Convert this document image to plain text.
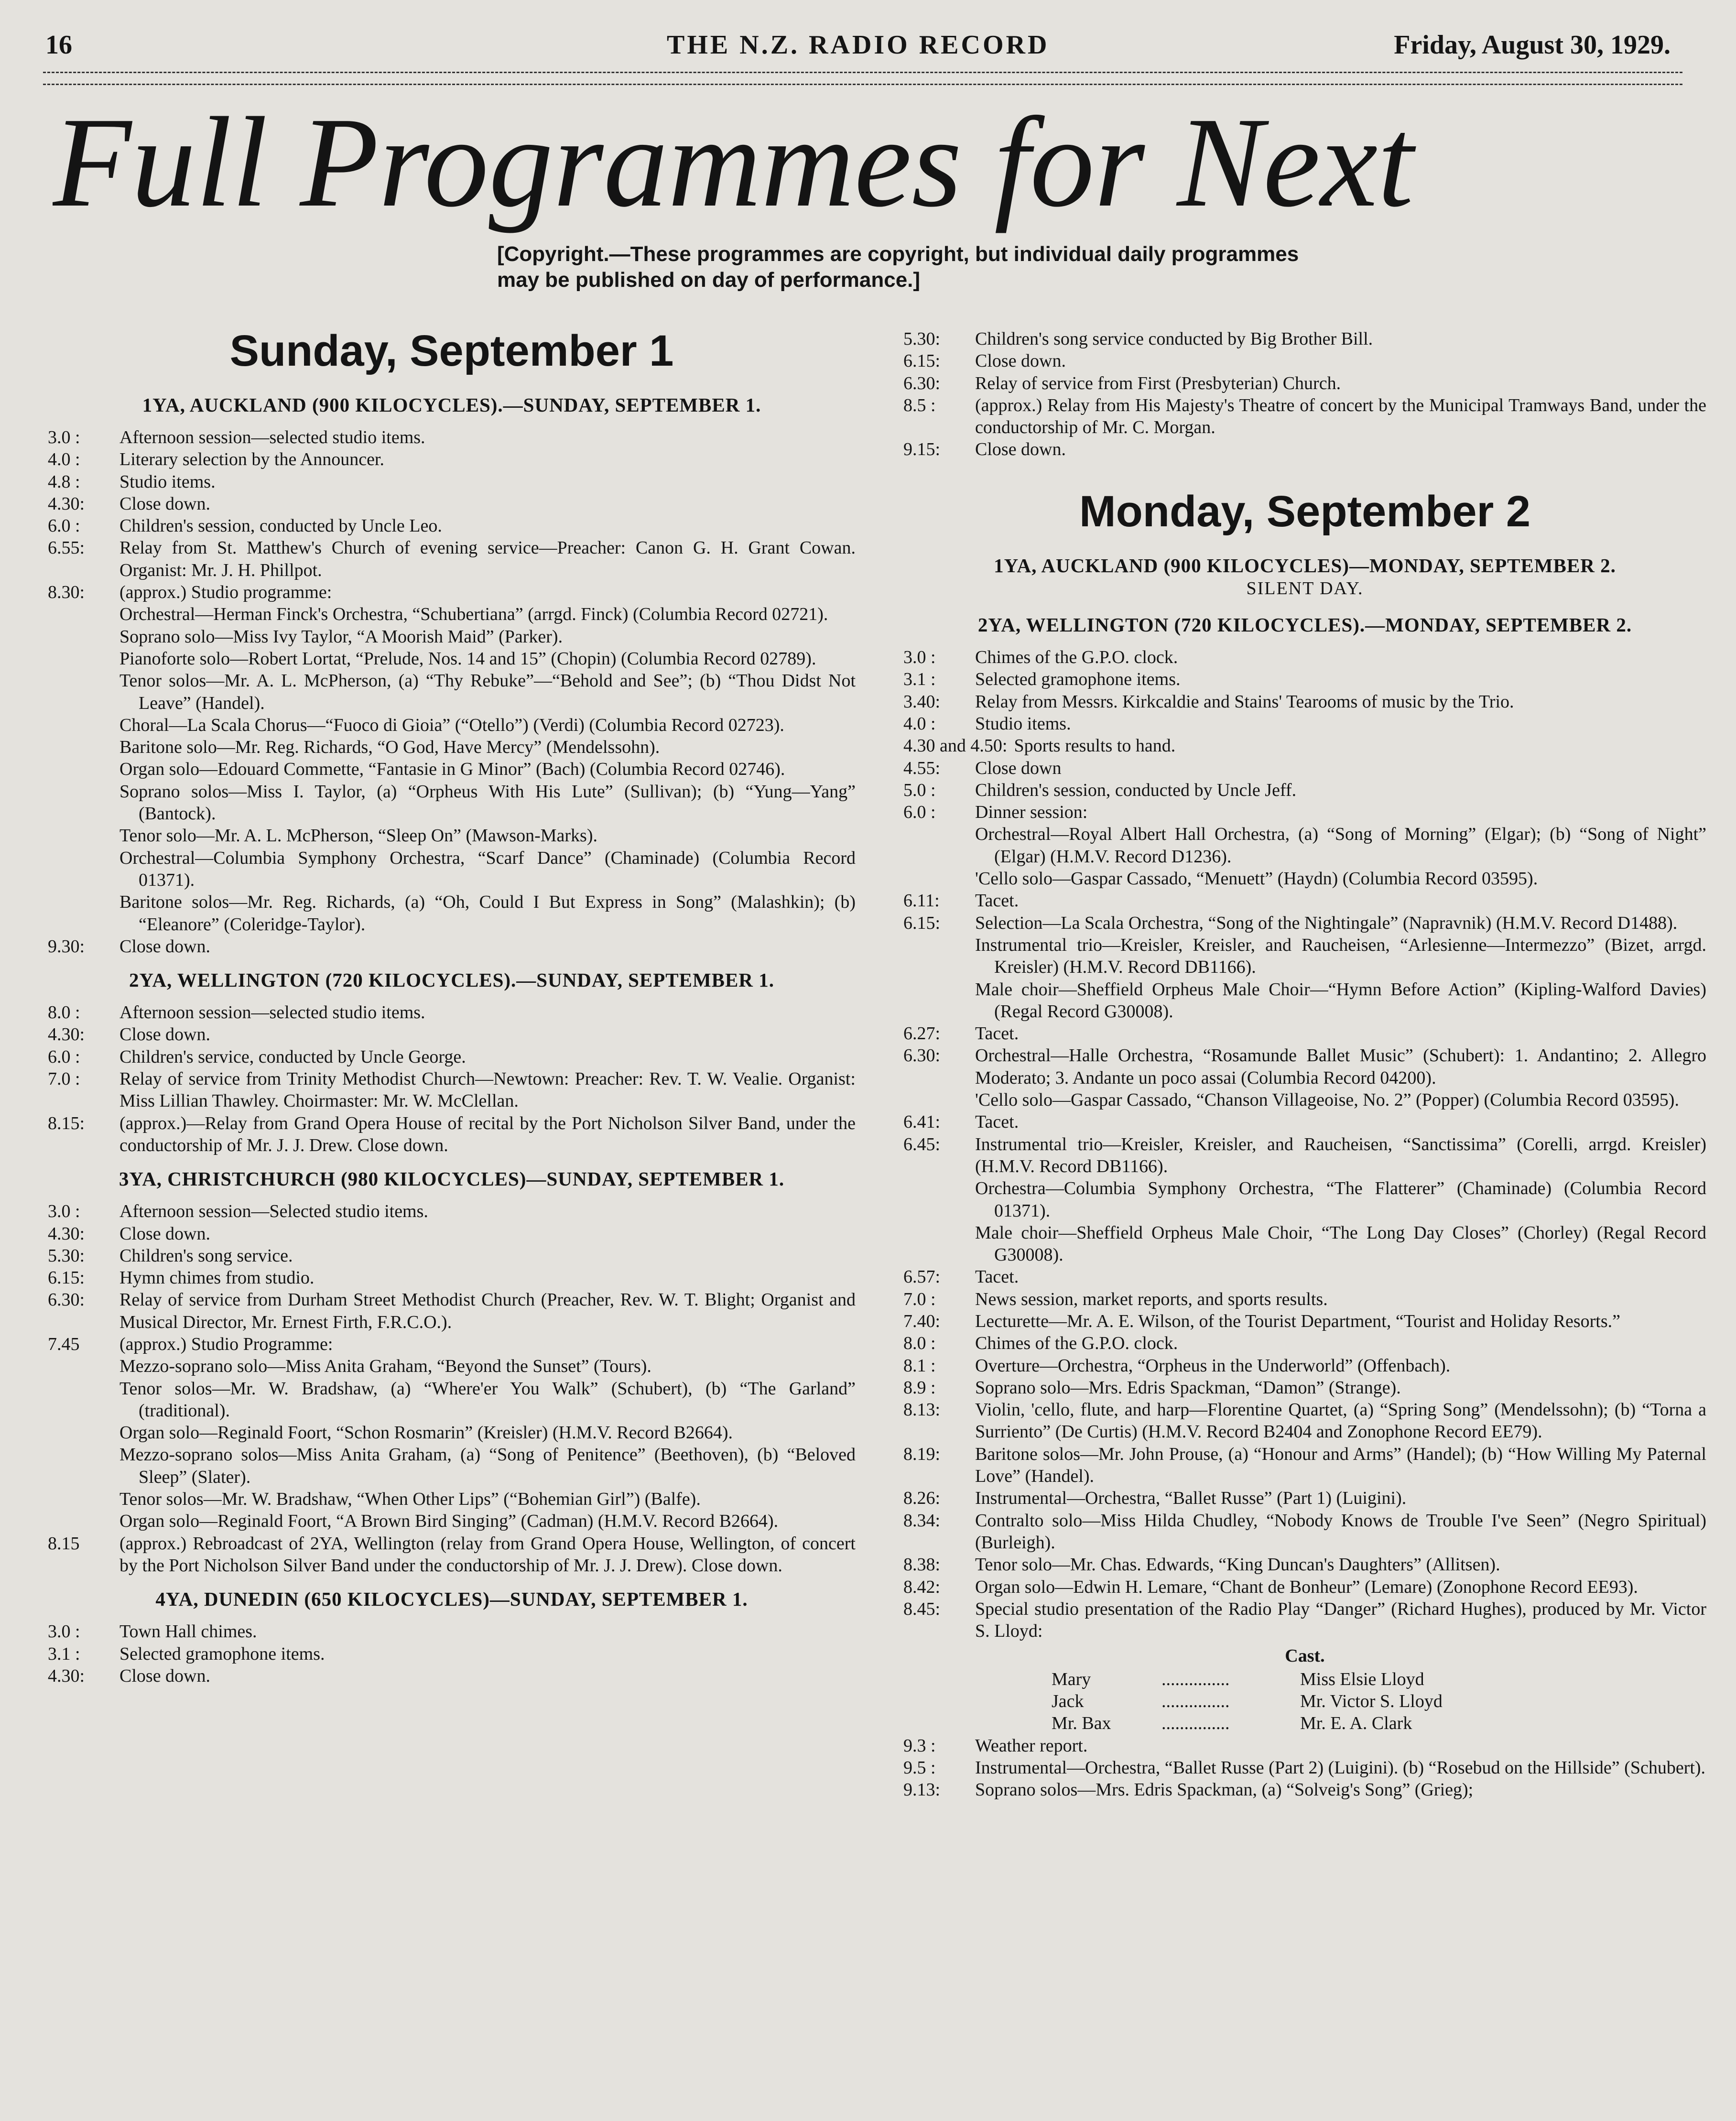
16	THE N.Z. RADIO RECORD	Friday, August 30, 1929.
Full Programmes for Next
[Copyright.—These programmes are copyright, but individual daily programmes may be published on day of performance.]
Sunday, September 1
1YA, AUCKLAND (900 KILOCYCLES).—SUNDAY, SEPTEMBER 1.
3.0 :	Afternoon session—selected studio items.
4.0 :	Literary selection by the Announcer.
4.8 :	Studio items.
4.30:	Close down.
6.0 :	Children's session, conducted by Uncle Leo.
6.55:	Relay from St. Matthew's Church of evening service—Preacher: Canon G. H. Grant Cowan. Organist: Mr. J. H. Phillpot.
8.30:	(approx.) Studio programme:
Orchestral—Herman Finck's Orchestra, “Schubertiana” (arrgd. Finck) (Columbia Record 02721).
Soprano solo—Miss Ivy Taylor, “A Moorish Maid” (Parker).
Pianoforte solo—Robert Lortat, “Prelude, Nos. 14 and 15” (Chopin) (Columbia Record 02789).
Tenor solos—Mr. A. L. McPherson, (a) “Thy Rebuke”—“Behold and See”; (b) “Thou Didst Not Leave” (Handel).
Choral—La Scala Chorus—“Fuoco di Gioia” (“Otello”) (Verdi) (Columbia Record 02723).
Baritone solo—Mr. Reg. Richards, “O God, Have Mercy” (Mendelssohn).
Organ solo—Edouard Commette, “Fantasie in G Minor” (Bach) (Columbia Record 02746).
Soprano solos—Miss I. Taylor, (a) “Orpheus With His Lute” (Sullivan); (b) “Yung—Yang” (Bantock).
Tenor solo—Mr. A. L. McPherson, “Sleep On” (Mawson-Marks).
Orchestral—Columbia Symphony Orchestra, “Scarf Dance” (Chaminade) (Columbia Record 01371).
Baritone solos—Mr. Reg. Richards, (a) “Oh, Could I But Express in Song” (Malashkin); (b) “Eleanore” (Coleridge-Taylor).
9.30:	Close down.
2YA, WELLINGTON (720 KILOCYCLES).—SUNDAY, SEPTEMBER 1.
8.0 :	Afternoon session—selected studio items.
4.30:	Close down.
6.0 :	Children's service, conducted by Uncle George.
7.0 :	Relay of service from Trinity Methodist Church—Newtown: Preacher: Rev. T. W. Vealie. Organist: Miss Lillian Thawley. Choirmaster: Mr. W. McClellan.
8.15:	(approx.)—Relay from Grand Opera House of recital by the Port Nicholson Silver Band, under the conductorship of Mr. J. J. Drew. Close down.
3YA, CHRISTCHURCH (980 KILOCYCLES)—SUNDAY, SEPTEMBER 1.
3.0 :	Afternoon session—Selected studio items.
4.30:	Close down.
5.30:	Children's song service.
6.15:	Hymn chimes from studio.
6.30:	Relay of service from Durham Street Methodist Church (Preacher, Rev. W. T. Blight; Organist and Musical Director, Mr. Ernest Firth, F.R.C.O.).
7.45	(approx.) Studio Programme:
Mezzo-soprano solo—Miss Anita Graham, “Beyond the Sunset” (Tours).
Tenor solos—Mr. W. Bradshaw, (a) “Where'er You Walk” (Schubert), (b) “The Garland” (traditional).
Organ solo—Reginald Foort, “Schon Rosmarin” (Kreisler) (H.M.V. Record B2664).
Mezzo-soprano solos—Miss Anita Graham, (a) “Song of Penitence” (Beethoven), (b) “Beloved Sleep” (Slater).
Tenor solos—Mr. W. Bradshaw, “When Other Lips” (“Bohemian Girl”) (Balfe).
Organ solo—Reginald Foort, “A Brown Bird Singing” (Cadman) (H.M.V. Record B2664).
8.15	(approx.) Rebroadcast of 2YA, Wellington (relay from Grand Opera House, Wellington, of concert by the Port Nicholson Silver Band under the conductorship of Mr. J. J. Drew). Close down.
4YA, DUNEDIN (650 KILOCYCLES)—SUNDAY, SEPTEMBER 1.
3.0 :	Town Hall chimes.
3.1 :	Selected gramophone items.
4.30:	Close down.
5.30:	Children's song service conducted by Big Brother Bill.
6.15:	Close down.
6.30:	Relay of service from First (Presbyterian) Church.
8.5 :	(approx.) Relay from His Majesty's Theatre of concert by the Municipal Tramways Band, under the conductorship of Mr. C. Morgan.
9.15:	Close down.
Monday, September 2
1YA, AUCKLAND (900 KILOCYCLES)—MONDAY, SEPTEMBER 2.
SILENT DAY.
2YA, WELLINGTON (720 KILOCYCLES).—MONDAY, SEPTEMBER 2.
3.0 :	Chimes of the G.P.O. clock.
3.1 :	Selected gramophone items.
3.40:	Relay from Messrs. Kirkcaldie and Stains' Tearooms of music by the Trio.
4.0 :	Studio items.
4.30 and 4.50: Sports results to hand.
4.55:	Close down
5.0 :	Children's session, conducted by Uncle Jeff.
6.0 :	Dinner session:
Orchestral—Royal Albert Hall Orchestra, (a) “Song of Morning” (Elgar); (b) “Song of Night” (Elgar) (H.M.V. Record D1236).
'Cello solo—Gaspar Cassado, “Menuett” (Haydn) (Columbia Record 03595).
6.11:	Tacet.
6.15:	Selection—La Scala Orchestra, “Song of the Nightingale” (Napravnik) (H.M.V. Record D1488).
Instrumental trio—Kreisler, Kreisler, and Raucheisen, “Arlesienne—Intermezzo” (Bizet, arrgd. Kreisler) (H.M.V. Record DB1166).
Male choir—Sheffield Orpheus Male Choir—“Hymn Before Action” (Kipling-Walford Davies) (Regal Record G30008).
6.27:	Tacet.
6.30:	Orchestral—Halle Orchestra, “Rosamunde Ballet Music” (Schubert): 1. Andantino; 2. Allegro Moderato; 3. Andante un poco assai (Columbia Record 04200).
'Cello solo—Gaspar Cassado, “Chanson Villageoise, No. 2” (Popper) (Columbia Record 03595).
6.41:	Tacet.
6.45:	Instrumental trio—Kreisler, Kreisler, and Raucheisen, “Sanctissima” (Corelli, arrgd. Kreisler) (H.M.V. Record DB1166).
Orchestra—Columbia Symphony Orchestra, “The Flatterer” (Chaminade) (Columbia Record 01371).
Male choir—Sheffield Orpheus Male Choir, “The Long Day Closes” (Chorley) (Regal Record G30008).
6.57:	Tacet.
7.0 :	News session, market reports, and sports results.
7.40:	Lecturette—Mr. A. E. Wilson, of the Tourist Department, “Tourist and Holiday Resorts.”
8.0 :	Chimes of the G.P.O. clock.
8.1 :	Overture—Orchestra, “Orpheus in the Underworld” (Offenbach).
8.9 :	Soprano solo—Mrs. Edris Spackman, “Damon” (Strange).
8.13:	Violin, 'cello, flute, and harp—Florentine Quartet, (a) “Spring Song” (Mendelssohn); (b) “Torna a Surriento” (De Curtis) (H.M.V. Record B2404 and Zonophone Record EE79).
8.19:	Baritone solos—Mr. John Prouse, (a) “Honour and Arms” (Handel); (b) “How Willing My Paternal Love” (Handel).
8.26:	Instrumental—Orchestra, “Ballet Russe” (Part 1) (Luigini).
8.34:	Contralto solo—Miss Hilda Chudley, “Nobody Knows de Trouble I've Seen” (Negro Spiritual) (Burleigh).
8.38:	Tenor solo—Mr. Chas. Edwards, “King Duncan's Daughters” (Allitsen).
8.42:	Organ solo—Edwin H. Lemare, “Chant de Bonheur” (Lemare) (Zonophone Record EE93).
8.45:	Special studio presentation of the Radio Play “Danger” (Richard Hughes), produced by Mr. Victor S. Lloyd:
Cast.
Mary	...............	Miss Elsie Lloyd
Jack	...............	Mr. Victor S. Lloyd
Mr. Bax	...............	Mr. E. A. Clark
9.3 :	Weather report.
9.5 :	Instrumental—Orchestra, “Ballet Russe (Part 2) (Luigini). (b) “Rosebud on the Hillside” (Schubert).
9.13:	Soprano solos—Mrs. Edris Spackman, (a) “Solveig's Song” (Grieg);
